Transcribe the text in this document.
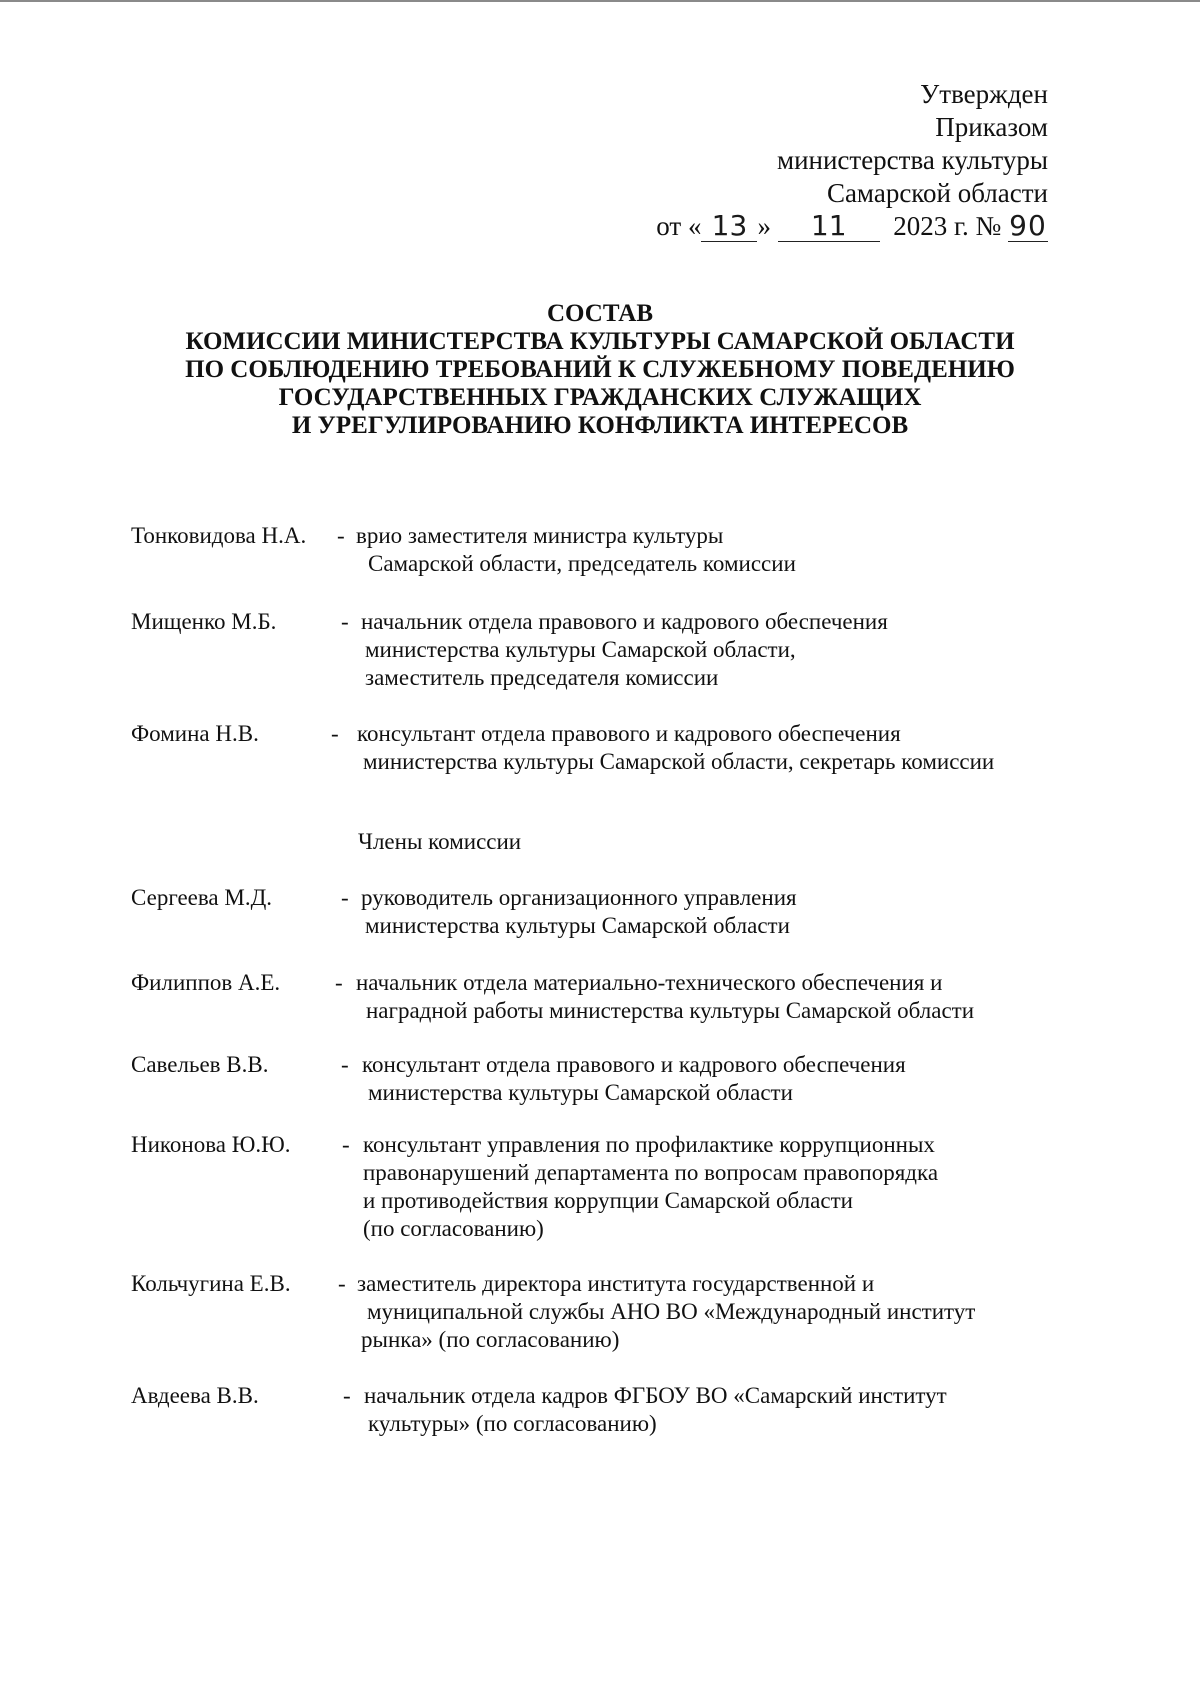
Утвержден
Приказом
министерства культуры
Самарской области
от « 13 » 11 2023 г. № 90
СОСТАВ
КОМИССИИ МИНИСТЕРСТВА КУЛЬТУРЫ САМАРСКОЙ ОБЛАСТИ
ПО СОБЛЮДЕНИЮ ТРЕБОВАНИЙ К СЛУЖЕБНОМУ ПОВЕДЕНИЮ
ГОСУДАРСТВЕННЫХ ГРАЖДАНСКИХ СЛУЖАЩИХ
И УРЕГУЛИРОВАНИЮ КОНФЛИКТА ИНТЕРЕСОВ
Тонковидова Н.А. - врио заместителя министра культуры
Самарской области, председатель комиссии
Мищенко М.Б.	- начальник отдела правового и кадрового обеспечения
министерства культуры Самарской области,
заместитель председателя комиссии
Фомина Н.В.	- консультант отдела правового и кадрового обеспечения
министерства культуры Самарской области, секретарь комиссии
Члены комиссии
Сергеева М.Д.	- руководитель организационного управления
министерства культуры Самарской области
Филиппов А.Е. - начальник отдела материально-технического обеспечения и
наградной работы министерства культуры Самарской области
Савельев В.В.	- консультант отдела правового и кадрового обеспечения
министерства культуры Самарской области
Никонова Ю.Ю. - консультант управления по профилактике коррупционных
правонарушений департамента по вопросам правопорядка
и противодействия коррупции Самарской области
(по согласованию)
Кольчугина Е.В. - заместитель директора института государственной и
муниципальной службы АНО ВО «Международный институт
рынка» (по согласованию)
Авдеева В.В.	- начальник отдела кадров ФГБОУ ВО «Самарский институт
культуры» (по согласованию)
